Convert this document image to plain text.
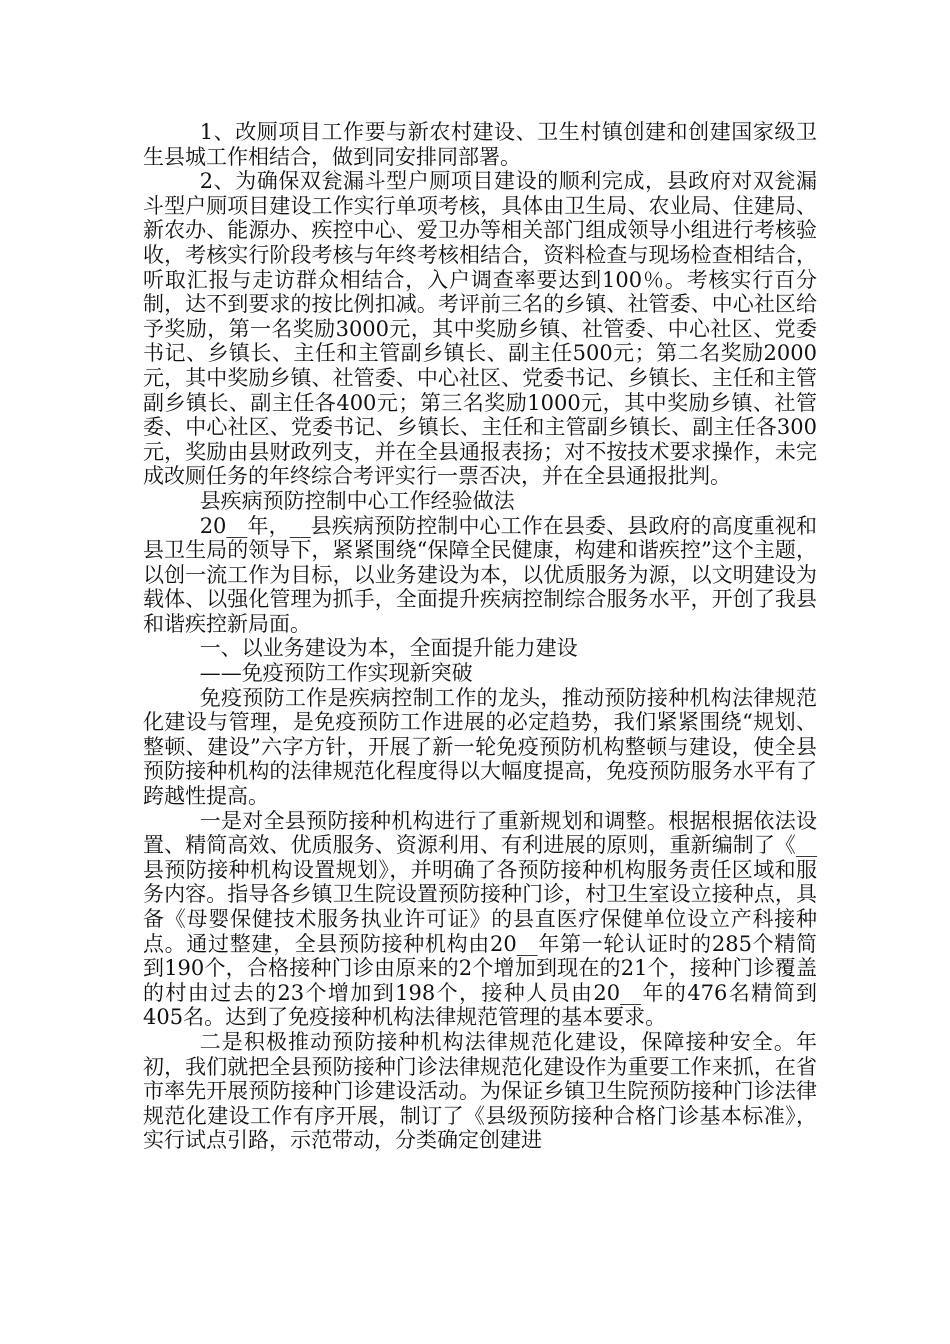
1、改厕项目工作要与新农村建设、卫生村镇创建和创建国家级卫生县城工作相结合，做到同安排同部署。

2、为确保双瓮漏斗型户厕项目建设的顺利完成，县政府对双瓮漏斗型户厕项目建设工作实行单项考核，具体由卫生局、农业局、住建局、新农办、能源办、疾控中心、爱卫办等相关部门组成领导小组进行考核验收，考核实行阶段考核与年终考核相结合，资料检查与现场检查相结合，听取汇报与走访群众相结合，入户调查率要达到100％。考核实行百分制，达不到要求的按比例扣减。考评前三名的乡镇、社管委、中心社区给予奖励，第一名奖励3000元，其中奖励乡镇、社管委、中心社区、党委书记、乡镇长、主任和主管副乡镇长、副主任500元；第二名奖励2000元，其中奖励乡镇、社管委、中心社区、党委书记、乡镇长、主任和主管副乡镇长、副主任各400元；第三名奖励1000元，其中奖励乡镇、社管委、中心社区、党委书记、乡镇长、主任和主管副乡镇长、副主任各300元，奖励由县财政列支，并在全县通报表扬；对不按技术要求操作，未完成改厕任务的年终综合考评实行一票否决，并在全县通报批判。

县疾病预防控制中心工作经验做法

20__年，__县疾病预防控制中心工作在县委、县政府的高度重视和县卫生局的领导下，紧紧围绕“保障全民健康，构建和谐疾控”这个主题，以创一流工作为目标，以业务建设为本，以优质服务为源，以文明建设为载体、以强化管理为抓手，全面提升疾病控制综合服务水平，开创了我县和谐疾控新局面。

一、以业务建设为本，全面提升能力建设

——免疫预防工作实现新突破

免疫预防工作是疾病控制工作的龙头，推动预防接种机构法律规范化建设与管理，是免疫预防工作进展的必定趋势，我们紧紧围绕“规划、整顿、建设”六字方针，开展了新一轮免疫预防机构整顿与建设，使全县预防接种机构的法律规范化程度得以大幅度提高，免疫预防服务水平有了跨越性提高。

一是对全县预防接种机构进行了重新规划和调整。根据根据依法设置、精简高效、优质服务、资源利用、有利进展的原则，重新编制了《__县预防接种机构设置规划》，并明确了各预防接种机构服务责任区域和服务内容。指导各乡镇卫生院设置预防接种门诊，村卫生室设立接种点，具备《母婴保健技术服务执业许可证》的县直医疗保健单位设立产科接种点。通过整建，全县预防接种机构由20__年第一轮认证时的285个精简到190个，合格接种门诊由原来的2个增加到现在的21个，接种门诊覆盖的村由过去的23个增加到198个，接种人员由20__年的476名精简到405名。达到了免疫接种机构法律规范管理的基本要求。

二是积极推动预防接种机构法律规范化建设，保障接种安全。年初，我们就把全县预防接种门诊法律规范化建设作为重要工作来抓，在省市率先开展预防接种门诊建设活动。为保证乡镇卫生院预防接种门诊法律规范化建设工作有序开展，制订了《县级预防接种合格门诊基本标准》，实行试点引路，示范带动，分类确定创建进
